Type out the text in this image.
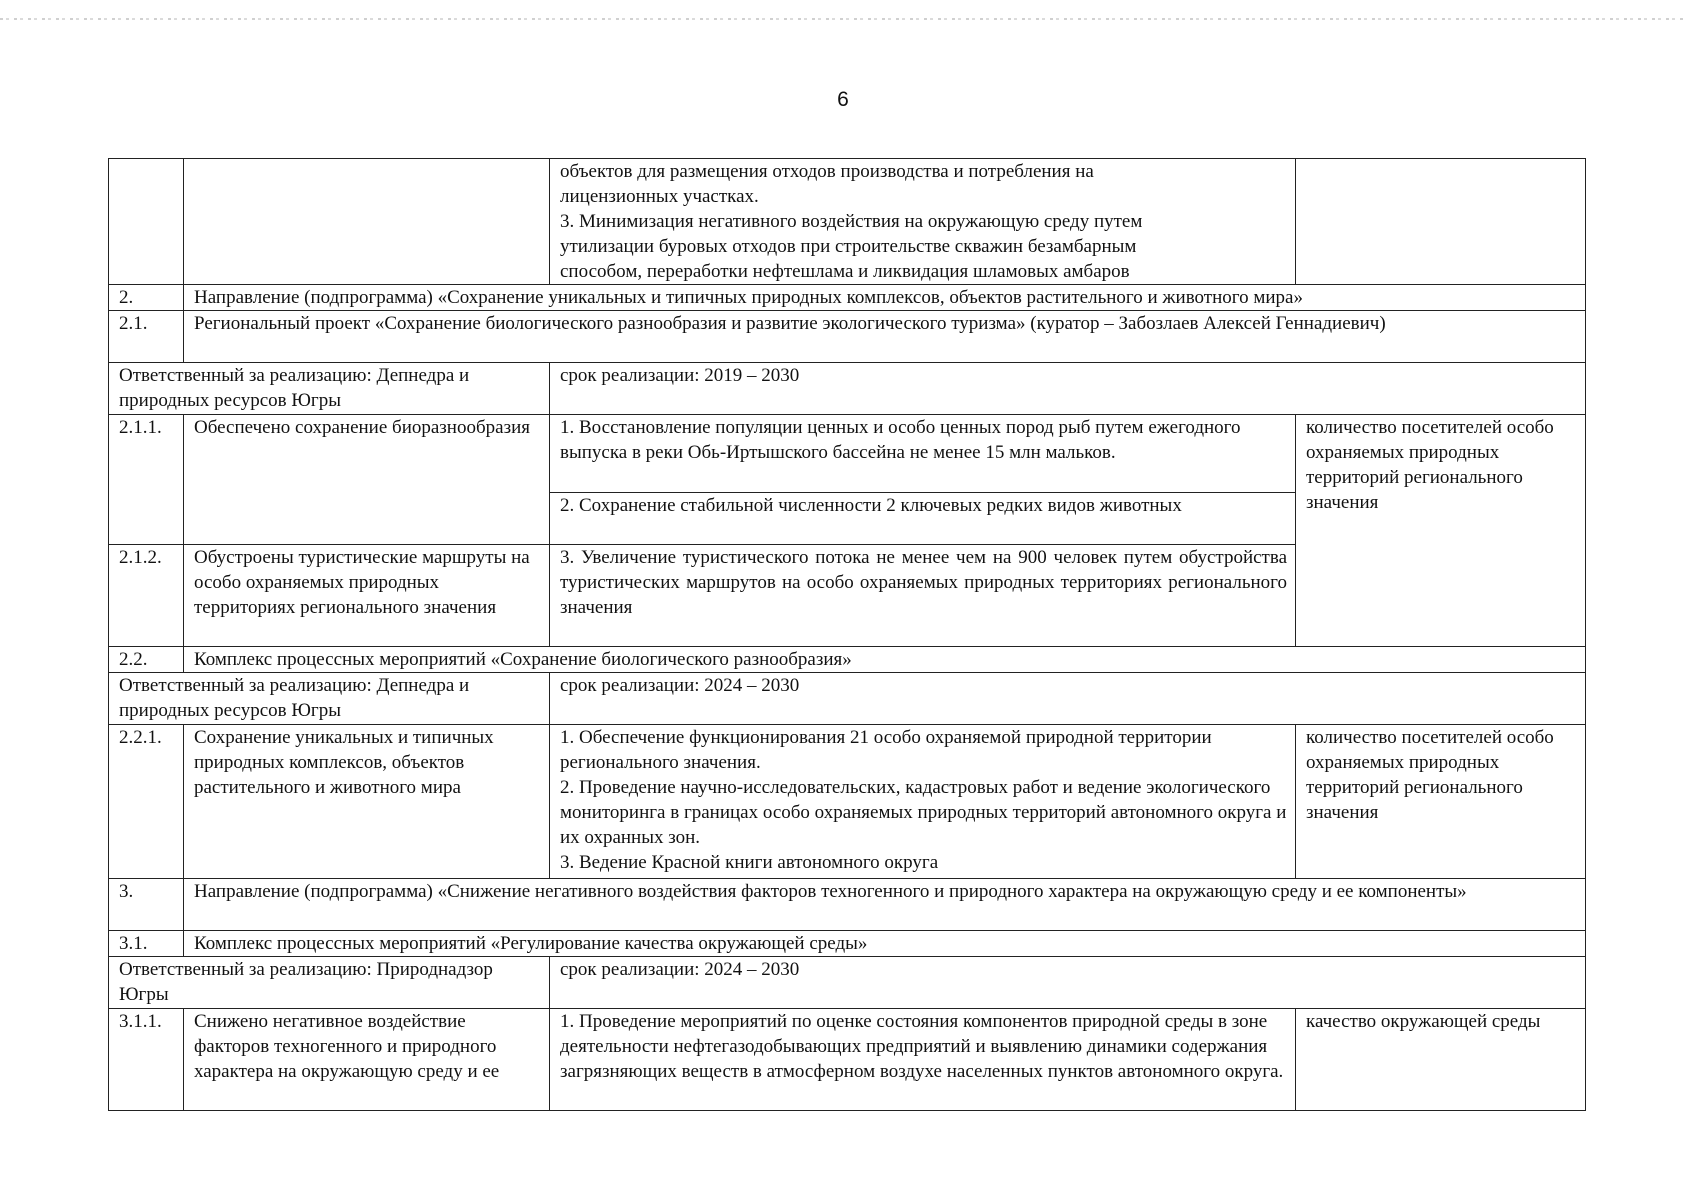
6

		объектов для размещения отходов производства и потребления на
лицензионных участках.
3. Минимизация негативного воздействия на окружающую среду путем
утилизации буровых отходов при строительстве скважин безамбарным
способом, переработки нефтешлама и ликвидация шламовых амбаров	

2.	Направление (подпрограмма) «Сохранение уникальных и типичных природных комплексов, объектов растительного и животного мира»		
2.1.	Региональный проект «Сохранение биологического разнообразия и развитие экологического туризма» (куратор – Забозлаев Алексей Геннадиевич)		
Ответственный за реализацию: Депнедра и природных ресурсов Югры		срок реализации: 2019 – 2030	
2.1.1.	Обеспечено сохранение биоразнообразия	1. Восстановление популяции ценных и особо ценных пород рыб путем ежегодного выпуска в реки Обь-Иртышского бассейна не менее 15 млн мальков.	количество посетителей особо охраняемых природных территорий регионального значения
		2. Сохранение стабильной численности 2 ключевых редких видов животных	
2.1.2.	Обустроены туристические маршруты на особо охраняемых природных территориях регионального значения	3. Увеличение туристического потока не менее чем на 900 человек путем обустройства туристических маршрутов на особо охраняемых природных территориях регионального значения	
2.2.	Комплекс процессных мероприятий «Сохранение биологического разнообразия»		
Ответственный за реализацию: Депнедра и природных ресурсов Югры		срок реализации: 2024 – 2030	
2.2.1.	Сохранение уникальных и типичных природных комплексов, объектов растительного и животного мира	1. Обеспечение функционирования 21 особо охраняемой природной территории регионального значения.
2. Проведение научно-исследовательских, кадастровых работ и ведение экологического мониторинга в границах особо охраняемых природных территорий автономного округа и их охранных зон.
3. Ведение Красной книги автономного округа	количество посетителей особо охраняемых природных территорий регионального значения
3.	Направление (подпрограмма) «Снижение негативного воздействия факторов техногенного и природного характера на окружающую среду и ее компоненты»		
3.1.	Комплекс процессных мероприятий «Регулирование качества окружающей среды»		
Ответственный за реализацию: Природнадзор Югры		срок реализации: 2024 – 2030	
3.1.1.	Снижено негативное воздействие факторов техногенного и природного характера на окружающую среду и ее	1. Проведение мероприятий по оценке состояния компонентов природной среды в зоне деятельности нефтегазодобывающих предприятий и выявлению динамики содержания загрязняющих веществ в атмосферном воздухе населенных пунктов автономного округа.	качество окружающей среды
